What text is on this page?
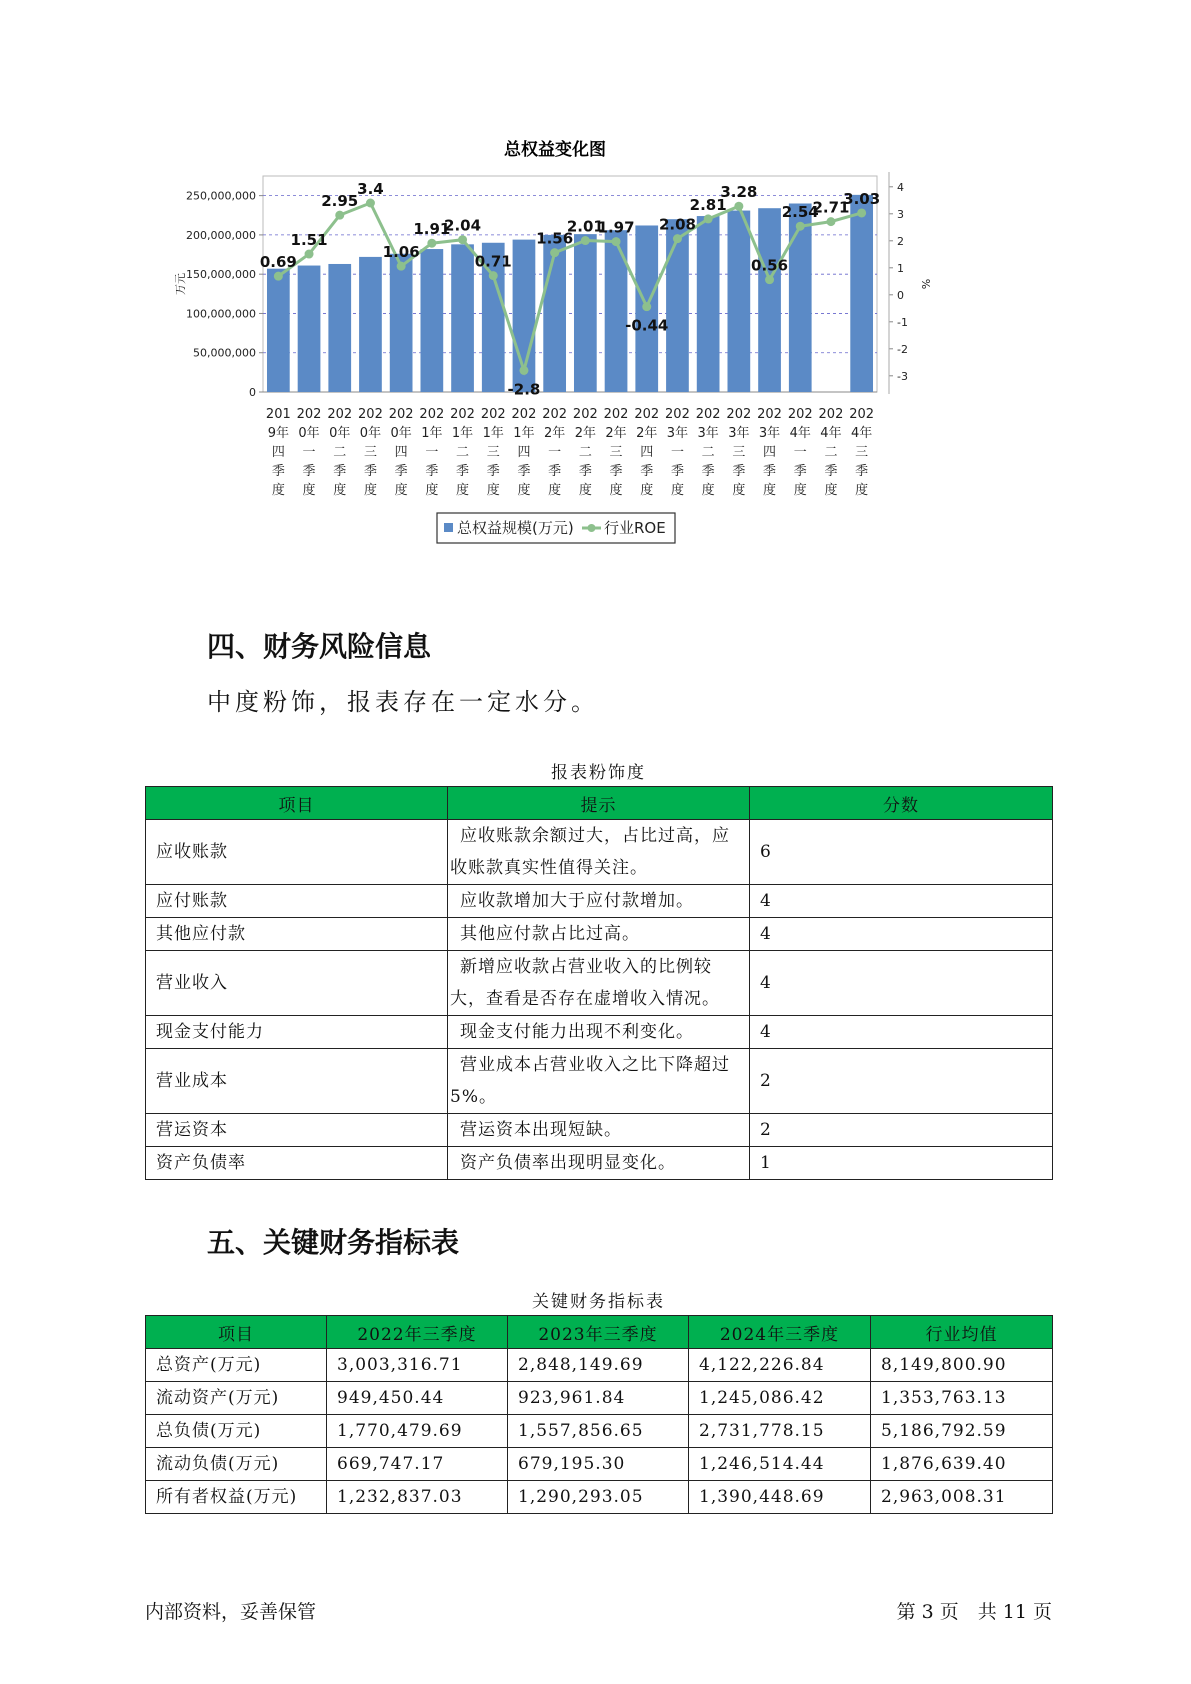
总权益变化图
0
50,000,000
100,000,000
150,000,000
200,000,000
250,000,000
-3
-2
-1
0
1
2
3
4
万元	%
0.69
1.51
2.95
3.4
1.06
1.91
2.04
0.71
-2.8
1.56
2.01
1.97
-0.44
2.08
2.81
3.28
0.56
2.54
2.71
3.03
201
9年
四
季
度
202
0年
一
季
度
202
0年
二
季
度
202
0年
三
季
度
202
0年
四
季
度
202
1年
一
季
度
202
1年
二
季
度
202
1年
三
季
度
202
1年
四
季
度
202
2年
一
季
度
202
2年
二
季
度
202
2年
三
季
度
202
2年
四
季
度
202
3年
一
季
度
202
3年
二
季
度
202
3年
三
季
度
202
3年
四
季
度
202
4年
一
季
度
202
4年
二
季
度
202
4年
三
季
度
总权益规模(万元) 行业ROE
四、财务风险信息

中度粉饰，报表存在一定水分。

报表粉饰度

项目	提示	分数
应收账款	应收账款余额过大，占比过高，应收账款真实性值得关注。	6
应付账款	应收款增加大于应付款增加。	4
其他应付款	其他应付款占比过高。	4
营业收入	新增应收款占营业收入的比例较大，查看是否存在虚增收入情况。	4
现金支付能力	现金支付能力出现不利变化。	4
营业成本	营业成本占营业收入之比下降超过5%。	2
营运资本	营运资本出现短缺。	2
资产负债率	资产负债率出现明显变化。	1
五、关键财务指标表

关键财务指标表

项目	2022年三季度	2023年三季度	2024年三季度	行业均值
总资产(万元)	3,003,316.71	2,848,149.69	4,122,226.84	8,149,800.90
流动资产(万元)	949,450.44	923,961.84	1,245,086.42	1,353,763.13
总负债(万元)	1,770,479.69	1,557,856.65	2,731,778.15	5,186,792.59
流动负债(万元)	669,747.17	679,195.30	1,246,514.44	1,876,639.40
所有者权益(万元)	1,232,837.03	1,290,293.05	1,390,448.69	2,963,008.31

内部资料，妥善保管	第 3 页　共 11 页
